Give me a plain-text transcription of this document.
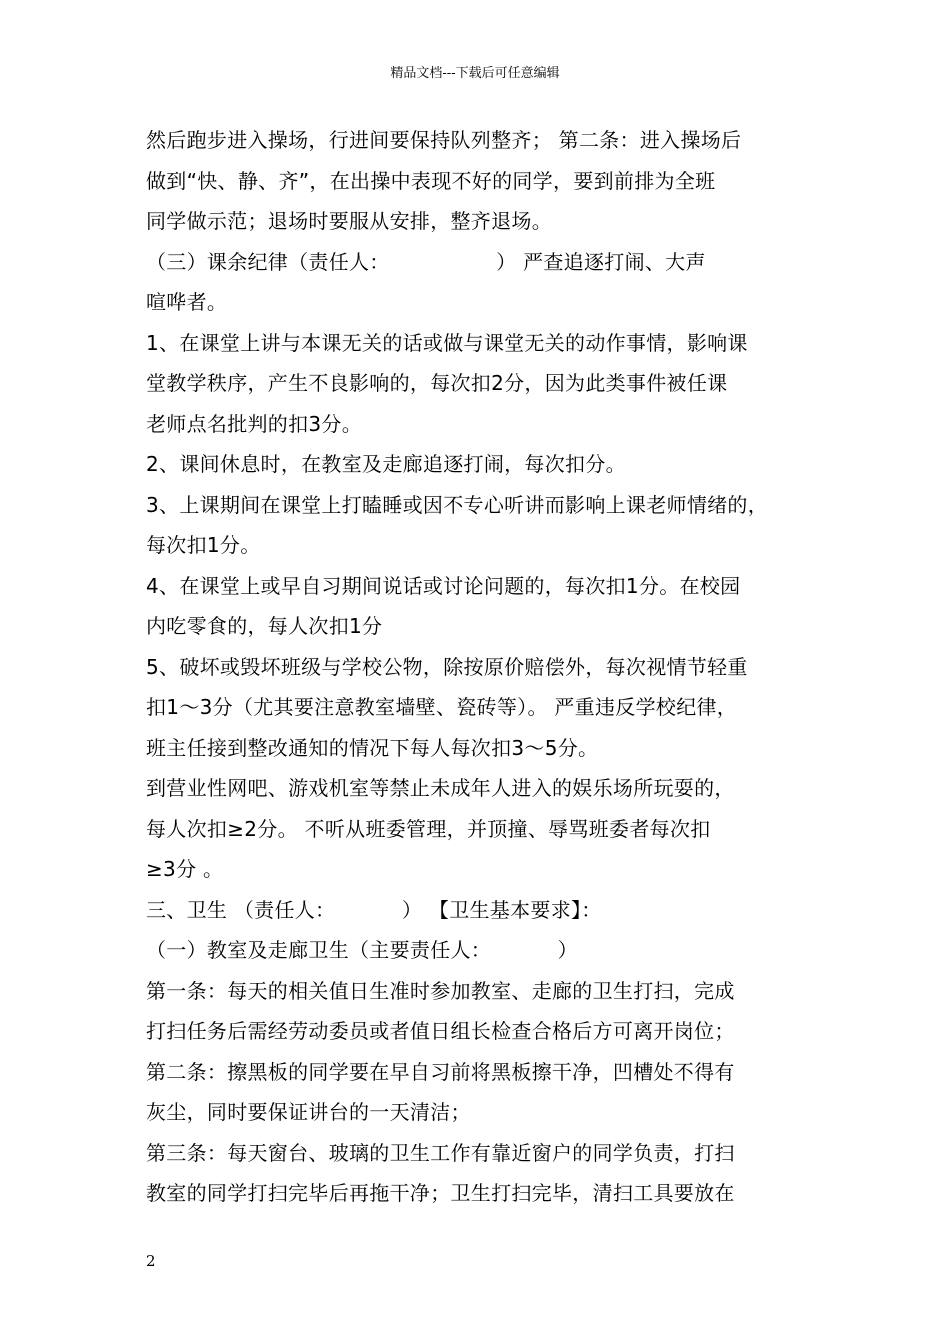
精品文档---下载后可任意编辑
然后跑步进入操场，行进间要保持队列整齐； 第二条：进入操场后
做到“快、静、齐”，在出操中表现不好的同学，要到前排为全班
同学做示范；退场时要服从安排，整齐退场。
（三）课余纪律（责任人：                ） 严查追逐打闹、大声
喧哗者。
1、在课堂上讲与本课无关的话或做与课堂无关的动作事情，影响课
堂教学秩序，产生不良影响的，每次扣2分，因为此类事件被任课
老师点名批判的扣3分。
2、课间休息时，在教室及走廊追逐打闹，每次扣分。
3、上课期间在课堂上打瞌睡或因不专心听讲而影响上课老师情绪的，
每次扣1分。
4、在课堂上或早自习期间说话或讨论问题的，每次扣1分。在校园
内吃零食的，每人次扣1分
5、破坏或毁坏班级与学校公物，除按原价赔偿外，每次视情节轻重
扣1～3分（尤其要注意教室墙壁、瓷砖等）。 严重违反学校纪律，
班主任接到整改通知的情况下每人每次扣3～5分。
到营业性网吧、游戏机室等禁止未成年人进入的娱乐场所玩耍的，
每人次扣≥2分。 不听从班委管理，并顶撞、辱骂班委者每次扣
≥3分 。
三、卫生 （责任人：          ） 【卫生基本要求】：
（一）教室及走廊卫生（主要责任人：          ）
第一条：每天的相关值日生准时参加教室、走廊的卫生打扫，完成
打扫任务后需经劳动委员或者值日组长检查合格后方可离开岗位；
第二条：擦黑板的同学要在早自习前将黑板擦干净，凹槽处不得有
灰尘，同时要保证讲台的一天清洁；
第三条：每天窗台、玻璃的卫生工作有靠近窗户的同学负责，打扫
教室的同学打扫完毕后再拖干净；卫生打扫完毕，清扫工具要放在
2
